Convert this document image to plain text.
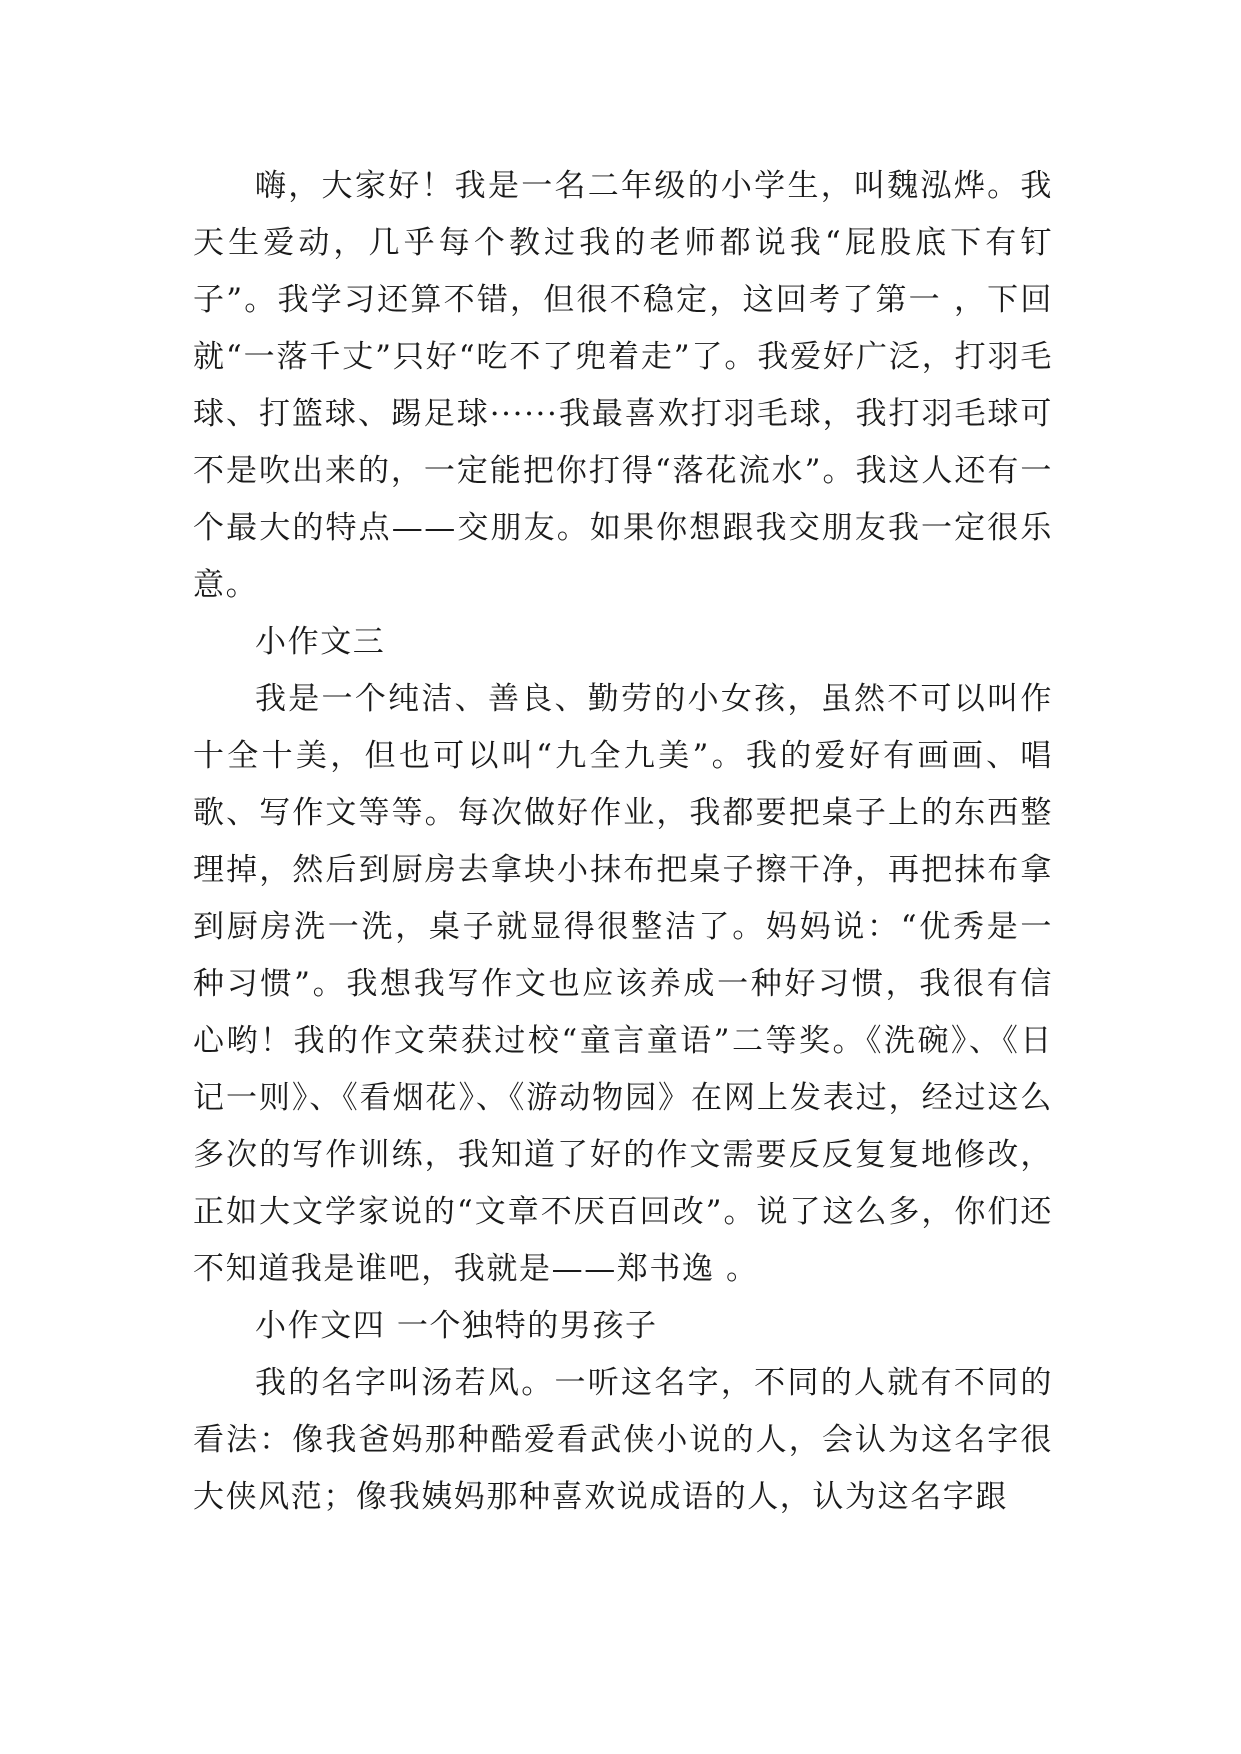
嗨，大家好！我是一名二年级的小学生，叫魏泓烨。我天生爱动，几乎每个教过我的老师都说我“屁股底下有钉子”。我学习还算不错，但很不稳定，这回考了第一 ，下回就“一落千丈”只好“吃不了兜着走”了。我爱好广泛，打羽毛球、打篮球、踢足球······我最喜欢打羽毛球，我打羽毛球可不是吹出来的，一定能把你打得“落花流水”。我这人还有一个最大的特点——交朋友。如果你想跟我交朋友我一定很乐意。

小作文三

我是一个纯洁、善良、勤劳的小女孩，虽然不可以叫作十全十美，但也可以叫“九全九美”。我的爱好有画画、唱歌、写作文等等。每次做好作业，我都要把桌子上的东西整理掉，然后到厨房去拿块小抹布把桌子擦干净，再把抹布拿到厨房洗一洗，桌子就显得很整洁了。妈妈说：“优秀是一种习惯”。我想我写作文也应该养成一种好习惯，我很有信心哟！我的作文荣获过校“童言童语”二等奖。《洗碗》、《日记一则》、《看烟花》、《游动物园》在网上发表过，经过这么多次的写作训练，我知道了好的作文需要反反复复地修改，正如大文学家说的“文章不厌百回改”。说了这么多，你们还不知道我是谁吧，我就是——郑书逸 。

小作文四 一个独特的男孩子

我的名字叫汤若风。一听这名字，不同的人就有不同的看法：像我爸妈那种酷爱看武侠小说的人，会认为这名字很大侠风范；像我姨妈那种喜欢说成语的人，认为这名字跟
